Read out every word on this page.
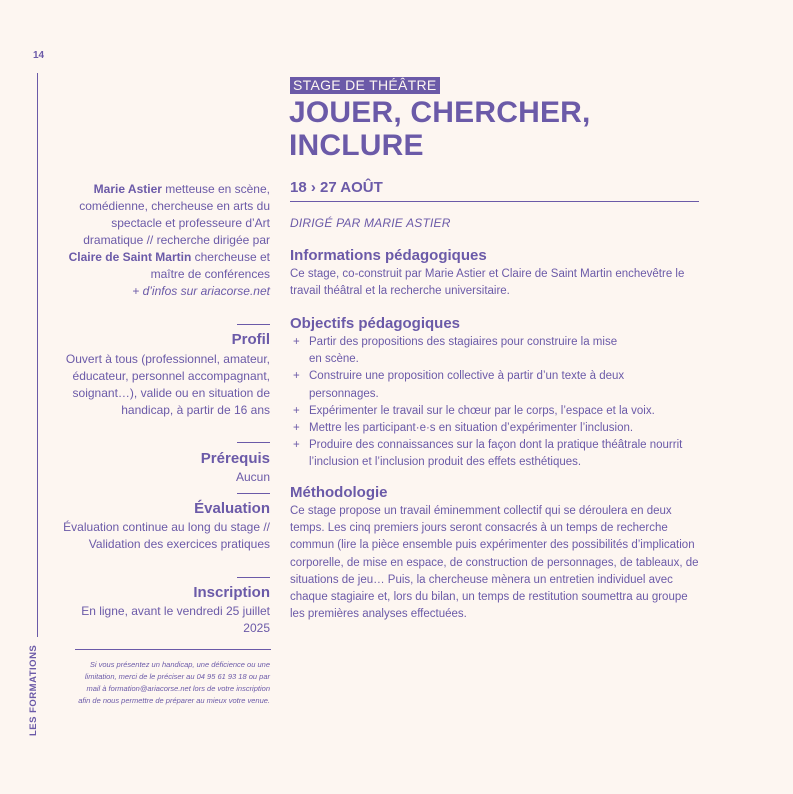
14
LES FORMATIONS
Marie Astier metteuse en scène, comédienne, chercheuse en arts du spectacle et professeure d’Art dramatique // recherche dirigée par Claire de Saint Martin chercheuse et maître de conférences
+ d’infos sur ariacorse.net
Profil
Ouvert à tous (professionnel, amateur, éducateur, personnel accompagnant, soignant…), valide ou en situation de handicap, à partir de 16 ans
Prérequis
Aucun
Évaluation
Évaluation continue au long du stage // Validation des exercices pratiques
Inscription
En ligne, avant le vendredi 25 juillet 2025
Si vous présentez un handicap, une déficience ou une limitation, merci de le préciser au 04 95 61 93 18 ou par mail à formation@ariacorse.net lors de votre inscription afin de nous permettre de préparer au mieux votre venue.
STAGE DE THÉÂTRE
JOUER, CHERCHER, INCLURE
18 › 27 AOÛT
DIRIGÉ PAR MARIE ASTIER
Informations pédagogiques
Ce stage, co-construit par Marie Astier et Claire de Saint Martin enchevêtre le travail théâtral et la recherche universitaire.
Objectifs pédagogiques
+ Partir des propositions des stagiaires pour construire la mise en scène.
+ Construire une proposition collective à partir d’un texte à deux personnages.
+ Expérimenter le travail sur le chœur par le corps, l’espace et la voix.
+ Mettre les participant·e·s en situation d’expérimenter l’inclusion.
+ Produire des connaissances sur la façon dont la pratique théâtrale nourrit l’inclusion et l’inclusion produit des effets esthétiques.
Méthodologie
Ce stage propose un travail éminemment collectif qui se déroulera en deux temps. Les cinq premiers jours seront consacrés à un temps de recherche commun (lire la pièce ensemble puis expérimenter des possibilités d’implication corporelle, de mise en espace, de construction de personnages, de tableaux, de situations de jeu… Puis, la chercheuse mènera un entretien individuel avec chaque stagiaire et, lors du bilan, un temps de restitution soumettra au groupe les premières analyses effectuées.
